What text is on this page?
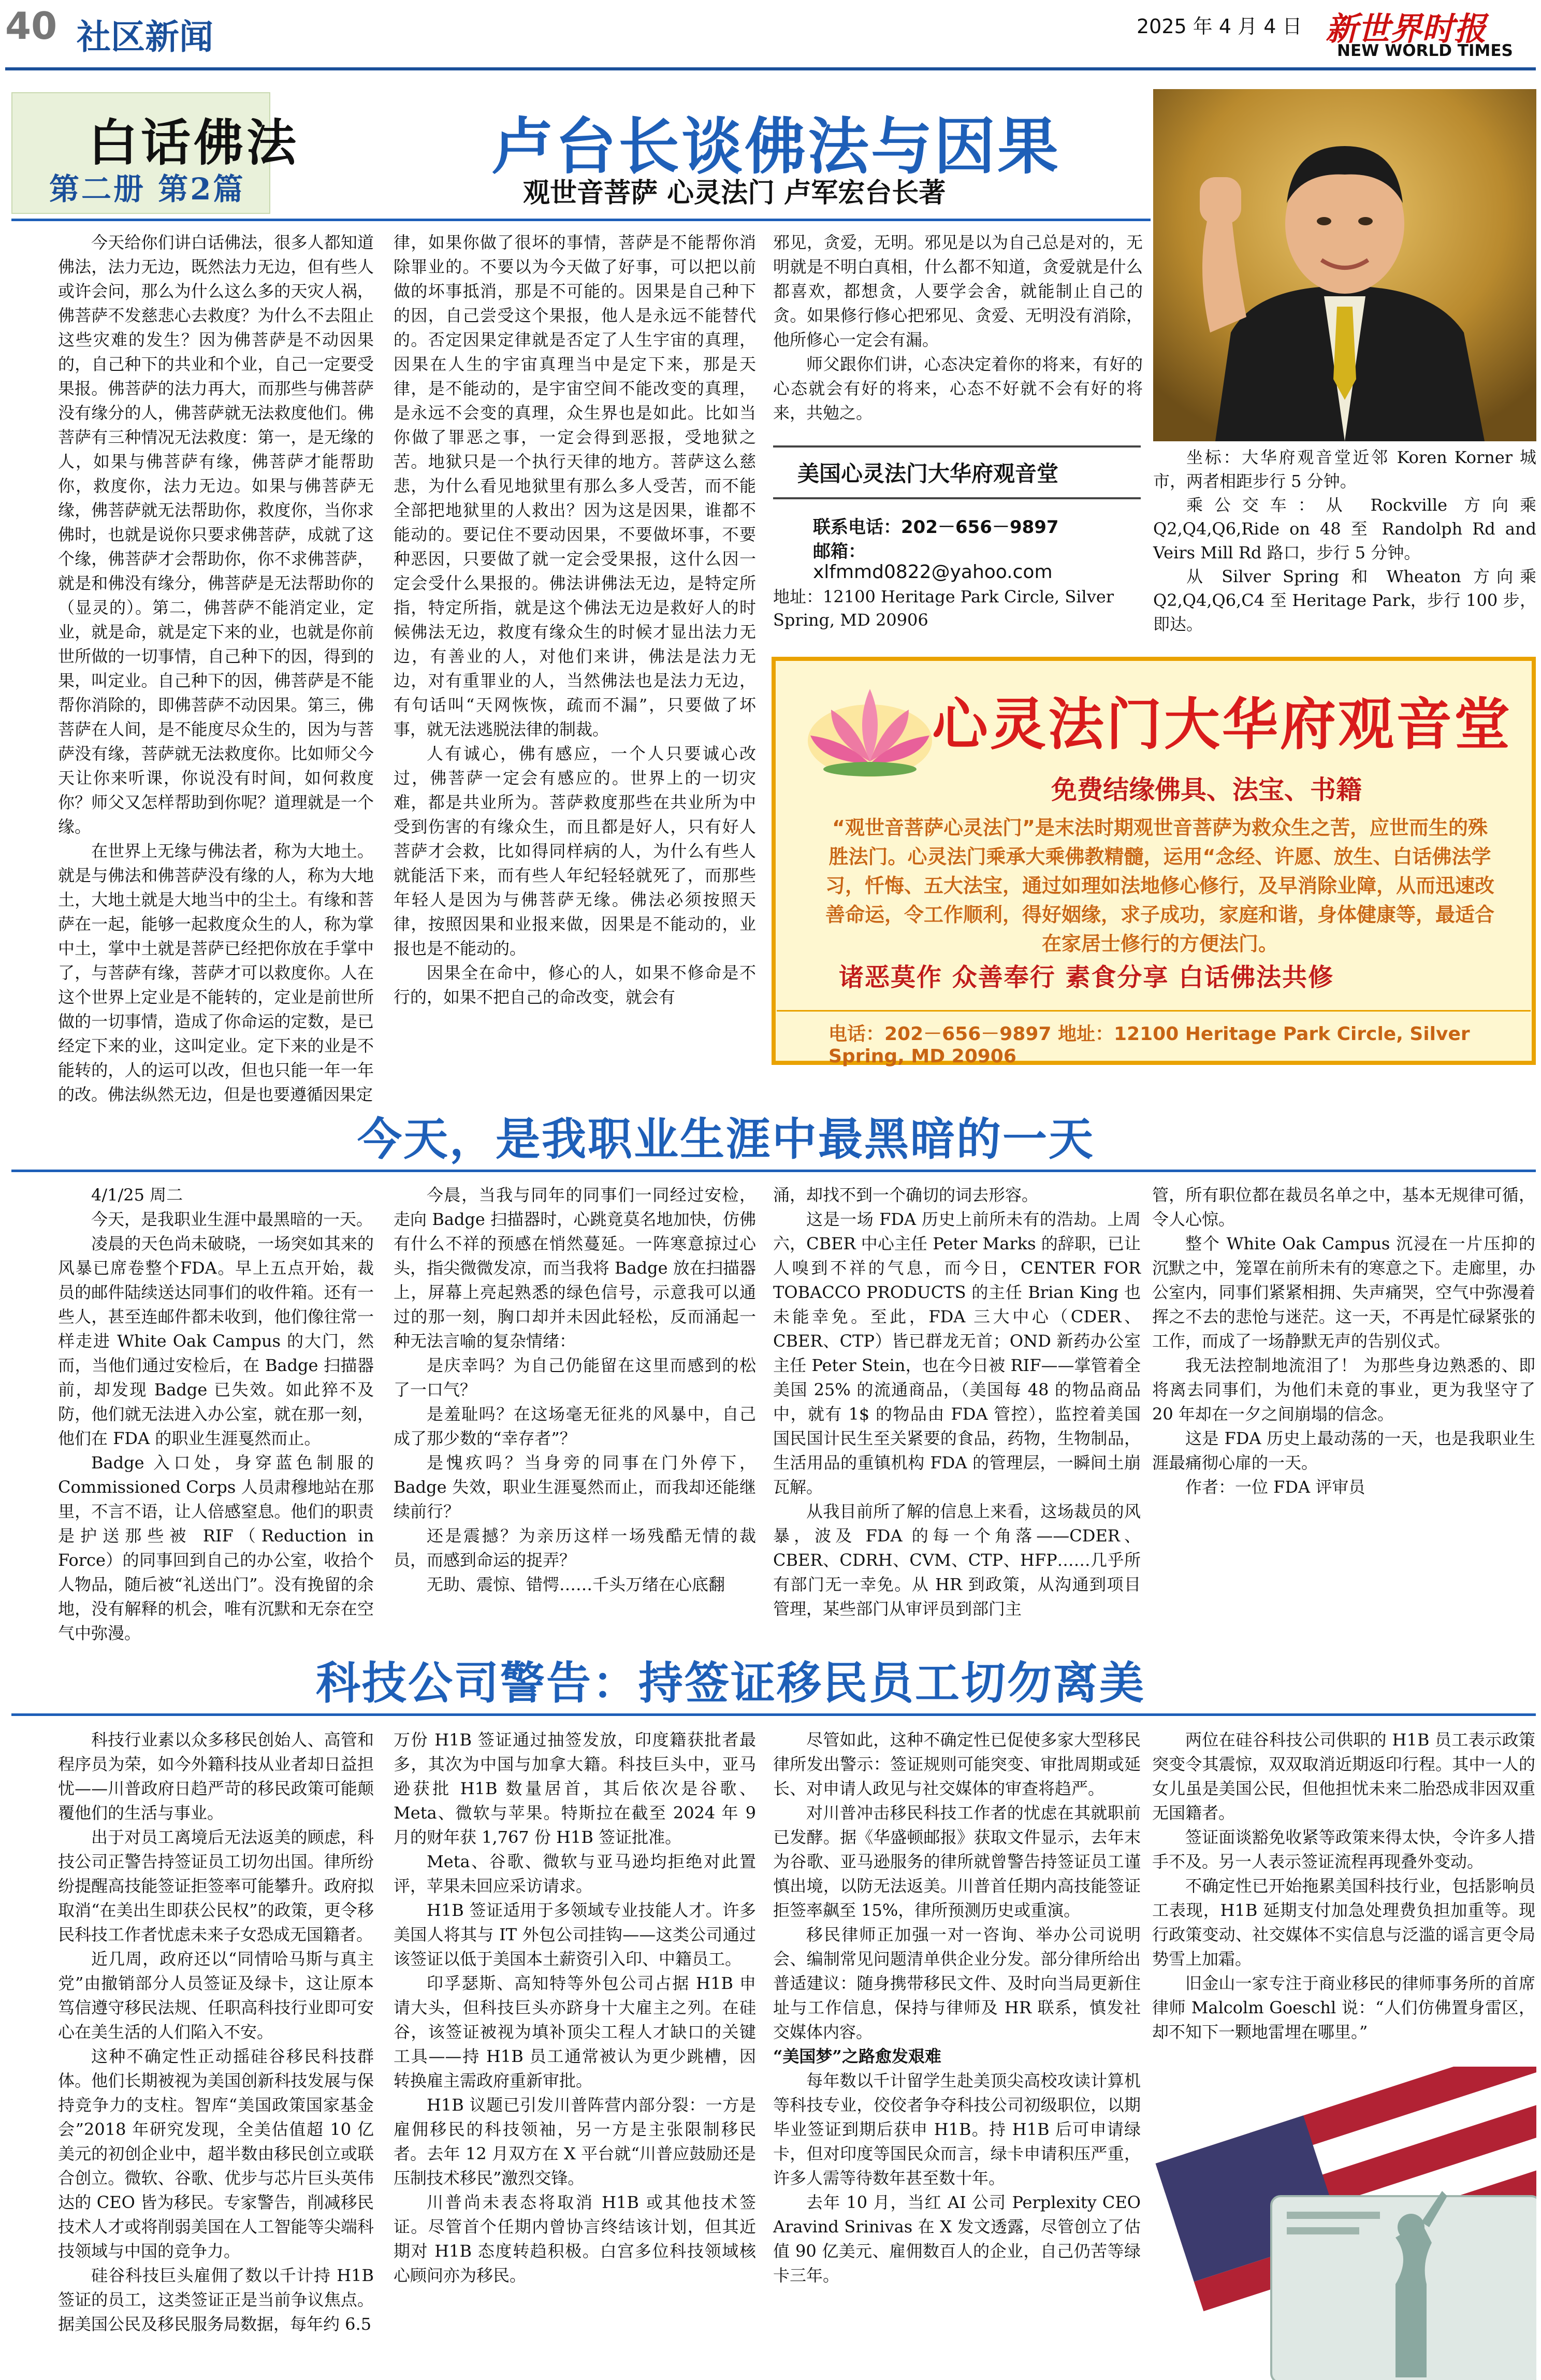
40 社区新闻	2025 年 4 月 4 日 新世界时报
NEW WORLD TIMES
白话佛法
第二册 第2篇
卢台长谈佛法与因果
观世音菩萨 心灵法门 卢军宏台长著

今天给你们讲白话佛法，很多人都知道佛法，法力无边，既然法力无边，但有些人或许会问，那么为什么这么多的天灾人祸，佛菩萨不发慈悲心去救度？为什么不去阻止这些灾难的发生？因为佛菩萨是不动因果的，自己种下的共业和个业，自己一定要受果报。佛菩萨的法力再大，而那些与佛菩萨没有缘分的人，佛菩萨就无法救度他们。佛菩萨有三种情况无法救度：第一，是无缘的人，如果与佛菩萨有缘，佛菩萨才能帮助你，救度你，法力无边。如果与佛菩萨无缘，佛菩萨就无法帮助你，救度你，当你求佛时，也就是说你只要求佛菩萨，成就了这个缘，佛菩萨才会帮助你，你不求佛菩萨，就是和佛没有缘分，佛菩萨是无法帮助你的（显灵的）。第二，佛菩萨不能消定业，定业，就是命，就是定下来的业，也就是你前世所做的一切事情，自己种下的因，得到的果，叫定业。自己种下的因，佛菩萨是不能帮你消除的，即佛菩萨不动因果。第三，佛菩萨在人间，是不能度尽众生的，因为与菩萨没有缘，菩萨就无法救度你。比如师父今天让你来听课，你说没有时间，如何救度你？师父又怎样帮助到你呢？道理就是一个缘。

在世界上无缘与佛法者，称为大地土。就是与佛法和佛菩萨没有缘的人，称为大地土，大地土就是大地当中的尘土。有缘和菩萨在一起，能够一起救度众生的人，称为掌中土，掌中土就是菩萨已经把你放在手掌中了，与菩萨有缘，菩萨才可以救度你。人在这个世界上定业是不能转的，定业是前世所做的一切事情，造成了你命运的定数，是已经定下来的业，这叫定业。定下来的业是不能转的，人的运可以改，但也只能一年一年的改。佛法纵然无边，但是也要遵循因果定

律，如果你做了很坏的事情，菩萨是不能帮你消除罪业的。不要以为今天做了好事，可以把以前做的坏事抵消，那是不可能的。因果是自己种下的因，自己尝受这个果报，他人是永远不能替代的。否定因果定律就是否定了人生宇宙的真理，因果在人生的宇宙真理当中是定下来，那是天律，是不能动的，是宇宙空间不能改变的真理，是永远不会变的真理，众生界也是如此。比如当你做了罪恶之事，一定会得到恶报，受地狱之苦。地狱只是一个执行天律的地方。菩萨这么慈悲，为什么看见地狱里有那么多人受苦，而不能全部把地狱里的人救出？因为这是因果，谁都不能动的。要记住不要动因果，不要做坏事，不要种恶因，只要做了就一定会受果报，这什么因一定会受什么果报的。佛法讲佛法无边，是特定所指，特定所指，就是这个佛法无边是救好人的时候佛法无边，救度有缘众生的时候才显出法力无边，有善业的人，对他们来讲，佛法是法力无边，对有重罪业的人，当然佛法也是法力无边，有句话叫“天网恢恢，疏而不漏”，只要做了坏事，就无法逃脱法律的制裁。

人有诚心，佛有感应，一个人只要诚心改过，佛菩萨一定会有感应的。世界上的一切灾难，都是共业所为。菩萨救度那些在共业所为中受到伤害的有缘众生，而且都是好人，只有好人菩萨才会救，比如得同样病的人，为什么有些人就能活下来，而有些人年纪轻轻就死了，而那些年轻人是因为与佛菩萨无缘。佛法必须按照天律，按照因果和业报来做，因果是不能动的，业报也是不能动的。

因果全在命中，修心的人，如果不修命是不行的，如果不把自己的命改变，就会有

邪见，贪爱，无明。邪见是以为自己总是对的，无明就是不明白真相，什么都不知道，贪爱就是什么都喜欢，都想贪，人要学会舍，就能制止自己的贪。如果修行修心把邪见、贪爱、无明没有消除，他所修心一定会有漏。

师父跟你们讲，心态决定着你的将来，有好的心态就会有好的将来，心态不好就不会有好的将来，共勉之。

美国心灵法门大华府观音堂
联系电话：202－656－9897
邮箱：
xlfmmd0822@yahoo.com
地址：12100 Heritage Park Circle, Silver Spring, MD 20906

坐标：大华府观音堂近邻 Koren Korner 城市，两者相距步行 5 分钟。

乘公交车：从 Rockville 方向乘 Q2,Q4,Q6,Ride on 48 至 Randolph Rd and Veirs Mill Rd 路口，步行 5 分钟。

从 Silver Spring 和 Wheaton 方向乘 Q2,Q4,Q6,C4 至 Heritage Park，步行 100 步，即达。

心灵法门大华府观音堂
免费结缘佛具、法宝、书籍
“观世音菩萨心灵法门”是末法时期观世音菩萨为救众生之苦，应世而生的殊胜法门。心灵法门乘承大乘佛教精髓，运用“念经、许愿、放生、白话佛法学习，忏悔、五大法宝，通过如理如法地修心修行，及早消除业障，从而迅速改善命运，令工作顺利，得好姻缘，求子成功，家庭和谐，身体健康等，最适合在家居士修行的方便法门。
诸恶莫作 众善奉行 素食分享 白话佛法共修
电话：202－656－9897 地址：12100 Heritage Park Circle, Silver Spring, MD 20906
今天，是我职业生涯中最黑暗的一天

4/1/25 周二

今天，是我职业生涯中最黑暗的一天。

凌晨的天色尚未破晓，一场突如其来的风暴已席卷整个FDA。早上五点开始，裁员的邮件陆续送达同事们的收件箱。还有一些人，甚至连邮件都未收到，他们像往常一样走进 White Oak Campus 的大门，然而，当他们通过安检后，在 Badge 扫描器前，却发现 Badge 已失效。如此猝不及防，他们就无法进入办公室，就在那一刻，他们在 FDA 的职业生涯戛然而止。

Badge 入口处，身穿蓝色制服的 Commissioned Corps 人员肃穆地站在那里，不言不语，让人倍感窒息。他们的职责是护送那些被 RIF（Reduction in Force）的同事回到自己的办公室，收拾个人物品，随后被“礼送出门”。没有挽留的余地，没有解释的机会，唯有沉默和无奈在空气中弥漫。

今晨，当我与同年的同事们一同经过安检，走向 Badge 扫描器时，心跳竟莫名地加快，仿佛有什么不祥的预感在悄然蔓延。一阵寒意掠过心头，指尖微微发凉，而当我将 Badge 放在扫描器上，屏幕上亮起熟悉的绿色信号，示意我可以通过的那一刻，胸口却并未因此轻松，反而涌起一种无法言喻的复杂情绪：

是庆幸吗？为自己仍能留在这里而感到的松了一口气？

是羞耻吗？在这场毫无征兆的风暴中，自己成了那少数的“幸存者”？

是愧疚吗？当身旁的同事在门外停下，Badge 失效，职业生涯戛然而止，而我却还能继续前行？

还是震撼？为亲历这样一场残酷无情的裁员，而感到命运的捉弄？

无助、震惊、错愕……千头万绪在心底翻

涌，却找不到一个确切的词去形容。

这是一场 FDA 历史上前所未有的浩劫。上周六，CBER 中心主任 Peter Marks 的辞职，已让人嗅到不祥的气息，而今日，CENTER FOR TOBACCO PRODUCTS 的主任 Brian King 也未能幸免。至此，FDA 三大中心（CDER、CBER、CTP）皆已群龙无首；OND 新药办公室主任 Peter Stein，也在今日被 RIF——掌管着全美国 25% 的流通商品，（美国每 48 的物品商品中，就有 1$ 的物品由 FDA 管控），监控着美国国民国计民生至关紧要的食品，药物，生物制品，生活用品的重镇机构 FDA 的管理层，一瞬间土崩瓦解。

从我目前所了解的信息上来看，这场裁员的风暴，波及 FDA 的每一个角落——CDER、CBER、CDRH、CVM、CTP、HFP……几乎所有部门无一幸免。从 HR 到政策，从沟通到项目管理，某些部门从审评员到部门主

管，所有职位都在裁员名单之中，基本无规律可循，令人心惊。

整个 White Oak Campus 沉浸在一片压抑的沉默之中，笼罩在前所未有的寒意之下。走廊里，办公室内，同事们紧紧相拥、失声痛哭，空气中弥漫着挥之不去的悲怆与迷茫。这一天，不再是忙碌紧张的工作，而成了一场静默无声的告别仪式。

我无法控制地流泪了！ 为那些身边熟悉的、即将离去同事们，为他们未竟的事业，更为我坚守了 20 年却在一夕之间崩塌的信念。

这是 FDA 历史上最动荡的一天，也是我职业生涯最痛彻心扉的一天。

作者：一位 FDA 评审员

科技公司警告：持签证移民员工切勿离美

科技行业素以众多移民创始人、高管和程序员为荣，如今外籍科技从业者却日益担忧——川普政府日趋严苛的移民政策可能颠覆他们的生活与事业。

出于对员工离境后无法返美的顾虑，科技公司正警告持签证员工切勿出国。律所纷纷提醒高技能签证拒签率可能攀升。政府拟取消“在美出生即获公民权”的政策，更令移民科技工作者忧虑未来子女恐成无国籍者。

近几周，政府还以“同情哈马斯与真主党”由撤销部分人员签证及绿卡，这让原本笃信遵守移民法规、任职高科技行业即可安心在美生活的人们陷入不安。

这种不确定性正动摇硅谷移民科技群体。他们长期被视为美国创新科技发展与保持竞争力的支柱。智库“美国政策国家基金会”2018 年研究发现，全美估值超 10 亿美元的初创企业中，超半数由移民创立或联合创立。微软、谷歌、优步与芯片巨头英伟达的 CEO 皆为移民。专家警告，削减移民技术人才或将削弱美国在人工智能等尖端科技领域与中国的竞争力。

硅谷科技巨头雇佣了数以千计持 H1B 签证的员工，这类签证正是当前争议焦点。据美国公民及移民服务局数据，每年约 6.5

万份 H1B 签证通过抽签发放，印度籍获批者最多，其次为中国与加拿大籍。科技巨头中，亚马逊获批 H1B 数量居首，其后依次是谷歌、Meta、微软与苹果。特斯拉在截至 2024 年 9 月的财年获 1,767 份 H1B 签证批准。

Meta、谷歌、微软与亚马逊均拒绝对此置评，苹果未回应采访请求。

H1B 签证适用于多领域专业技能人才。许多美国人将其与 IT 外包公司挂钩——这类公司通过该签证以低于美国本土薪资引入印、中籍员工。

印孚瑟斯、高知特等外包公司占据 H1B 申请大头，但科技巨头亦跻身十大雇主之列。在硅谷，该签证被视为填补顶尖工程人才缺口的关键工具——持 H1B 员工通常被认为更少跳槽，因转换雇主需政府重新审批。

H1B 议题已引发川普阵营内部分裂：一方是雇佣移民的科技领袖，另一方是主张限制移民者。去年 12 月双方在 X 平台就“川普应鼓励还是压制技术移民”激烈交锋。

川普尚未表态将取消 H1B 或其他技术签证。尽管首个任期内曾协言终结该计划，但其近期对 H1B 态度转趋积极。白宫多位科技领域核心顾问亦为移民。

尽管如此，这种不确定性已促使多家大型移民律所发出警示：签证规则可能突变、审批周期或延长、对申请人政见与社交媒体的审查将趋严。

对川普冲击移民科技工作者的忧虑在其就职前已发酵。据《华盛顿邮报》获取文件显示，去年末为谷歌、亚马逊服务的律所就曾警告持签证员工谨慎出境，以防无法返美。川普首任期内高技能签证拒签率飙至 15%，律所预测历史或重演。

移民律师正加强一对一咨询、举办公司说明会、编制常见问题清单供企业分发。部分律所给出普适建议：随身携带移民文件、及时向当局更新住址与工作信息，保持与律师及 HR 联系，慎发社交媒体内容。

“美国梦”之路愈发艰难

每年数以千计留学生赴美顶尖高校攻读计算机等科技专业，佼佼者争夺科技公司初级职位，以期毕业签证到期后获申 H1B。持 H1B 后可申请绿卡，但对印度等国民众而言，绿卡申请积压严重，许多人需等待数年甚至数十年。

去年 10 月，当红 AI 公司 Perplexity CEO Aravind Srinivas 在 X 发文透露，尽管创立了估值 90 亿美元、雇佣数百人的企业，自己仍苦等绿卡三年。

两位在硅谷科技公司供职的 H1B 员工表示政策突变令其震惊，双双取消近期返印行程。其中一人的女儿虽是美国公民，但他担忧未来二胎恐成非因双重无国籍者。

签证面谈豁免收紧等政策来得太快，令许多人措手不及。另一人表示签证流程再现叠外变动。

不确定性已开始拖累美国科技行业，包括影响员工表现，H1B 延期支付加急处理费负担加重等。现行政策变动、社交媒体不实信息与泛滥的谣言更令局势雪上加霜。

旧金山一家专注于商业移民的律师事务所的首席律师 Malcolm Goeschl 说：“人们仿佛置身雷区，却不知下一颗地雷埋在哪里。”
